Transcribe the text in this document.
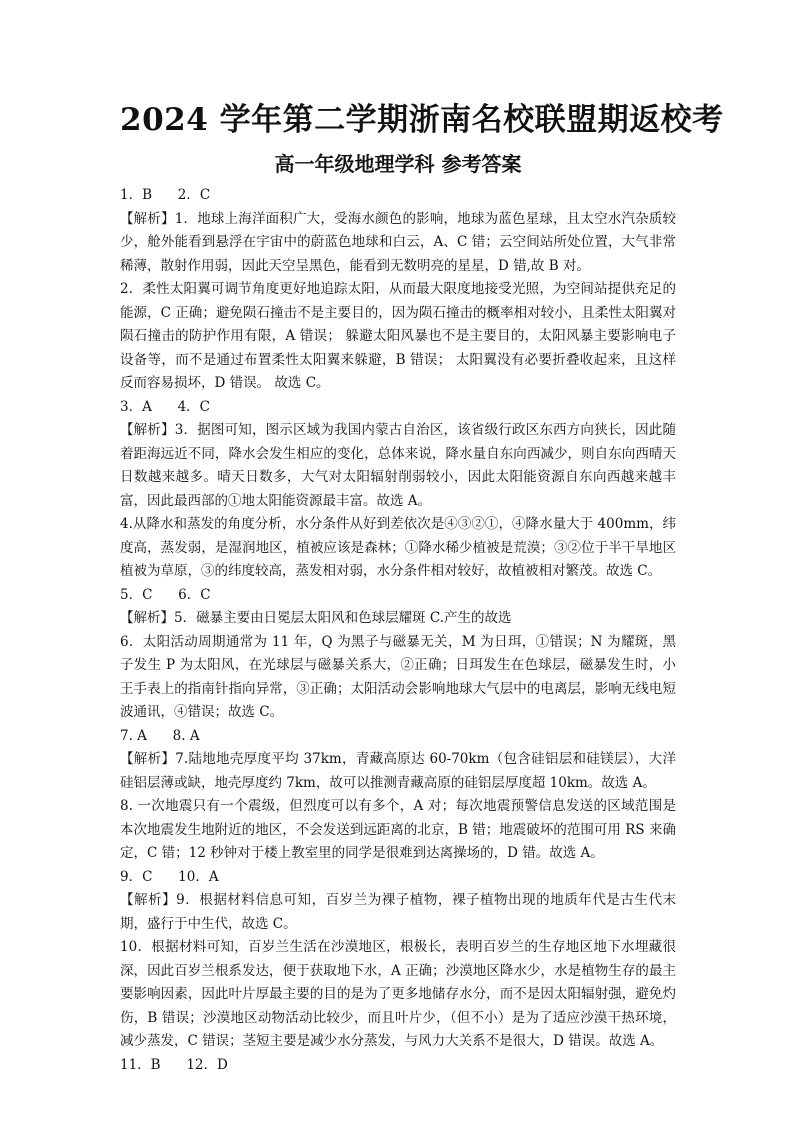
2024 学年第二学期浙南名校联盟期返校考
高一年级地理学科 参考答案

1．B      2．C

【解析】1．地球上海洋面积广大，受海水颜色的影响，地球为蓝色星球，且太空水汽杂质较少，舱外能看到悬浮在宇宙中的蔚蓝色地球和白云，A、C 错；云空间站所处位置，大气非常稀薄，散射作用弱，因此天空呈黑色，能看到无数明亮的星星，D 错,故 B 对。

2．柔性太阳翼可调节角度更好地追踪太阳，从而最大限度地接受光照，为空间站提供充足的能源，C 正确；避免陨石撞击不是主要目的，因为陨石撞击的概率相对较小，且柔性太阳翼对陨石撞击的防护作用有限，A 错误； 躲避太阳风暴也不是主要目的，太阳风暴主要影响电子设备等，而不是通过布置柔性太阳翼来躲避，B 错误； 太阳翼没有必要折叠收起来，且这样反而容易损坏，D 错误。 故选 C。

3．A      4．C

【解析】3．据图可知，图示区域为我国内蒙古自治区，该省级行政区东西方向狭长，因此随着距海远近不同，降水会发生相应的变化，总体来说，降水量自东向西减少，则自东向西晴天日数越来越多。晴天日数多，大气对太阳辐射削弱较小，因此太阳能资源自东向西越来越丰富，因此最西部的①地太阳能资源最丰富。故选 A。

4.从降水和蒸发的角度分析，水分条件从好到差依次是④③②①，④降水量大于 400mm，纬度高，蒸发弱，是湿润地区，植被应该是森林；①降水稀少植被是荒漠；③②位于半干旱地区植被为草原，③的纬度较高，蒸发相对弱，水分条件相对较好，故植被相对繁茂。故选 C。

5．C      6．C

【解析】5．磁暴主要由日冕层太阳风和色球层耀斑 C.产生的故选

6．太阳活动周期通常为 11 年，Q 为黑子与磁暴无关，M 为日珥，①错误；N 为耀斑，黑子发生 P 为太阳风，在光球层与磁暴关系大，②正确；日珥发生在色球层，磁暴发生时，小王手表上的指南针指向异常，③正确；太阳活动会影响地球大气层中的电离层，影响无线电短波通讯，④错误；故选 C。

7. A      8. A

【解析】7.陆地地壳厚度平均 37km，青藏高原达 60-70km（包含硅铝层和硅镁层），大洋硅铝层薄或缺，地壳厚度约 7km，故可以推测青藏高原的硅铝层厚度超 10km。故选 A。

8. 一次地震只有一个震级，但烈度可以有多个，A 对；每次地震预警信息发送的区域范围是本次地震发生地附近的地区，不会发送到远距离的北京，B 错；地震破坏的范围可用 RS 来确定，C 错；12 秒钟对于楼上教室里的同学是很难到达离操场的，D 错。故选 A。

9．C      10．A

【解析】9．根据材料信息可知，百岁兰为裸子植物，裸子植物出现的地质年代是古生代末期，盛行于中生代，故选 C。

10．根据材料可知，百岁兰生活在沙漠地区，根极长，表明百岁兰的生存地区地下水埋藏很深，因此百岁兰根系发达，便于获取地下水，A 正确；沙漠地区降水少，水是植物生存的最主要影响因素，因此叶片厚最主要的目的是为了更多地储存水分，而不是因太阳辐射强，避免灼伤，B 错误；沙漠地区动物活动比较少，而且叶片少，（但不小）是为了适应沙漠干热环境，减少蒸发，C 错误；茎短主要是减少水分蒸发，与风力大关系不是很大，D 错误。故选 A。

11．B      12．D
